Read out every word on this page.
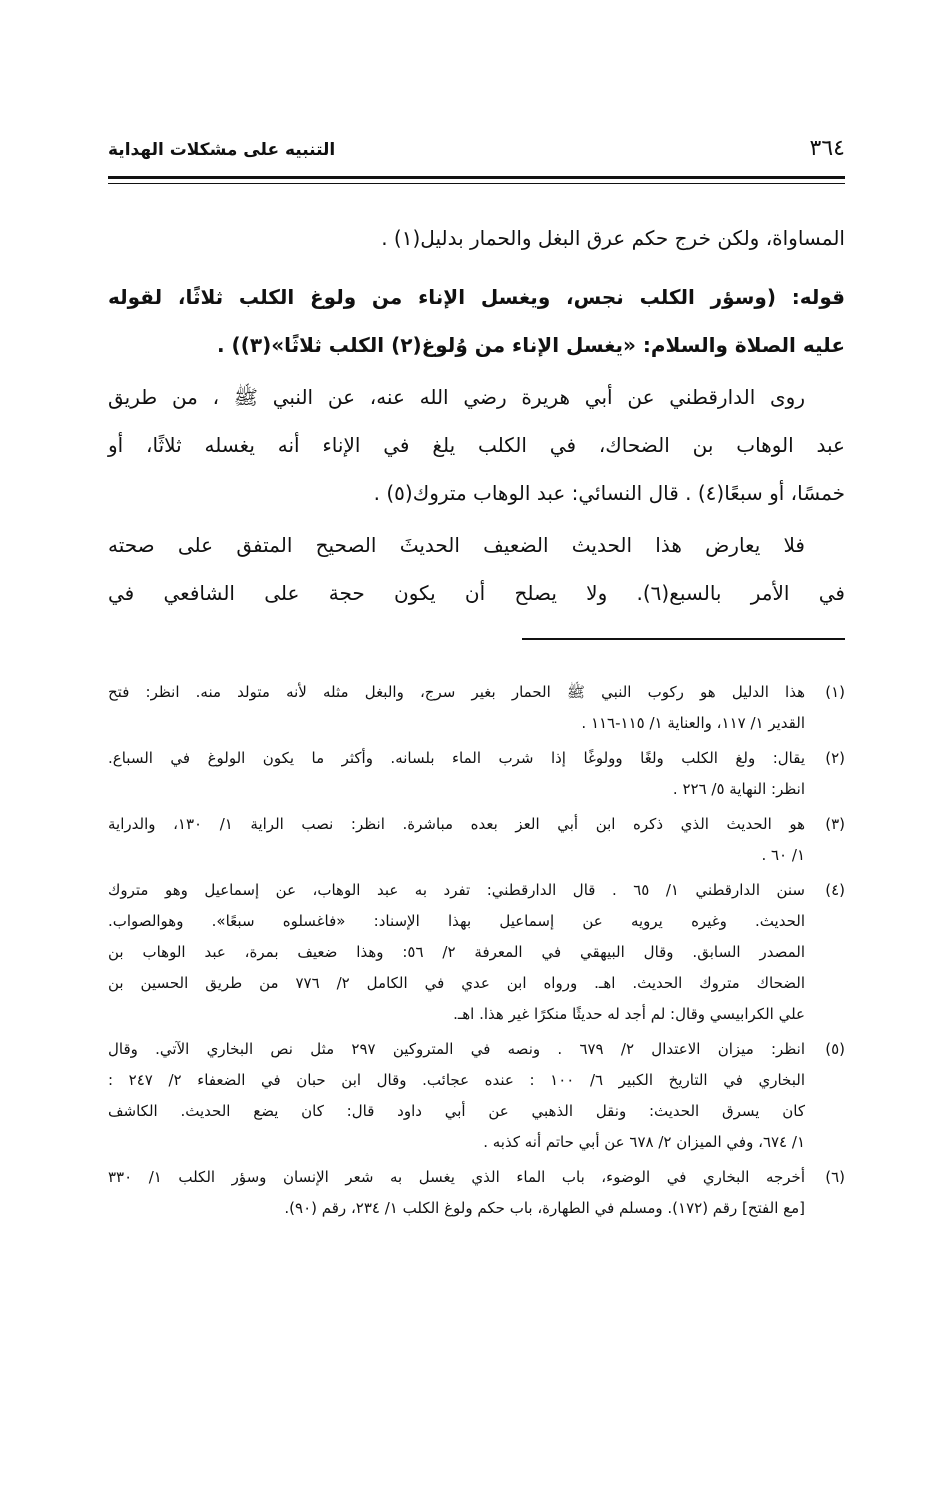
٣٦٤
التنبيه على مشكلات الهداية
المساواة، ولكن خرج حكم عرق البغل والحمار بدليل(١) .
قوله: (وسؤر الكلب نجس، ويغسل الإناء من ولوغ الكلب ثلاثًا، لقوله
عليه الصلاة والسلام: «يغسل الإناء من وُلوغ(٢) الكلب ثلاثًا»(٣)) .
روى الدارقطني عن أبي هريرة رضي الله عنه، عن النبي ﷺ ، من طريق
عبد الوهاب بن الضحاك، في الكلب يلغ في الإناء أنه يغسله ثلاثًا، أو
خمسًا، أو سبعًا(٤) . قال النسائي: عبد الوهاب متروك(٥) .
فلا يعارض هذا الحديث الضعيف الحديثَ الصحيح المتفق على صحته
في الأمر بالسبع(٦). ولا يصلح أن يكون حجة على الشافعي في
(١)
هذا الدليل هو ركوب النبي ﷺ الحمار بغير سرج، والبغل مثله لأنه متولد منه. انظر: فتح
القدير ١/ ١١٧، والعناية ١/ ١١٥-١١٦ .
(٢)
يقال: ولغ الكلب ولغًا وولوغًا إذا شرب الماء بلسانه. وأكثر ما يكون الولوغ في السباع.
انظر: النهاية ٥/ ٢٢٦ .
(٣)
هو الحديث الذي ذكره ابن أبي العز بعده مباشرة. انظر: نصب الراية ١/ ١٣٠، والدراية
١/ ٦٠ .
(٤)
سنن الدارقطني ١/ ٦٥ . قال الدارقطني: تفرد به عبد الوهاب، عن إسماعيل وهو متروك
الحديث. وغيره يرويه عن إسماعيل بهذا الإسناد: «فاغسلوه سبعًا». وهوالصواب.
المصدر السابق. وقال البيهقي في المعرفة ٢/ ٥٦: وهذا ضعيف بمرة، عبد الوهاب بن
الضحاك متروك الحديث. اهـ. ورواه ابن عدي في الكامل ٢/ ٧٧٦ من طريق الحسين بن
علي الكرابيسي وقال: لم أجد له حديثًا منكرًا غير هذا. اهـ.
(٥)
انظر: ميزان الاعتدال ٢/ ٦٧٩ . ونصه في المتروكين ٢٩٧ مثل نص البخاري الآتي. وقال
البخاري في التاريخ الكبير ٦/ ١٠٠ : عنده عجائب. وقال ابن حبان في الضعفاء ٢/ ٢٤٧ :
كان يسرق الحديث: ونقل الذهبي عن أبي داود قال: كان يضع الحديث. الكاشف
١/ ٦٧٤، وفي الميزان ٢/ ٦٧٨ عن أبي حاتم أنه كذبه .
(٦)
أخرجه البخاري في الوضوء، باب الماء الذي يغسل به شعر الإنسان وسؤر الكلب ١/ ٣٣٠
[مع الفتح] رقم (١٧٢). ومسلم في الطهارة، باب حكم ولوغ الكلب ١/ ٢٣٤، رقم (٩٠).
